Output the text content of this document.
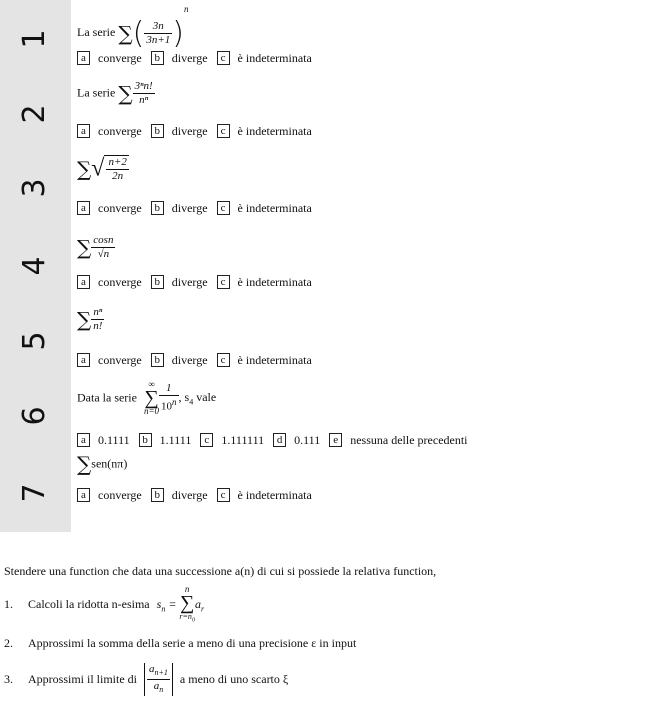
1
2
3
4
5
6
7
La serie ∑( $\frac{3n}{3n+1} )^n$
a	converge
	b diverge
	c	è indeterminata
La serie ∑ $\frac{\text{3ⁿn!}}{\text{nⁿ}}$
a	converge
	b diverge
	c	è indeterminata
∑√ $\frac{n+2}{2n}$
a	converge
	b diverge
	c	è indeterminata
∑ $\frac{\cos n}{√n}$
a	converge
	b diverge
	c	è indeterminata
∑ $\frac{\text{nⁿ}}{n!}$
a	converge
	b diverge
	c	è indeterminata
Data la serie
∞
∑
$n=0 \frac{1}{10^n}$ , $s_4$ vale
a	0.1111
	b 1.1111
	c	1.111111
	d 0.111
	e	nessuna delle precedenti
∑sen(nπ)
a	converge
	b diverge
	c	è indeterminata
Stendere una function che data una successione a(n) di cui si possiede la relativa function,
1. Calcoli la ridotta n-esima $s_n$ =
n
∑
$r=n_0$
$a_r$
2. Approssimi la somma della serie a meno di una precisione ε in input
3. Approssimi il limite di $\frac{a_{n+1}}{a_n}$ a meno di uno scarto ξ
